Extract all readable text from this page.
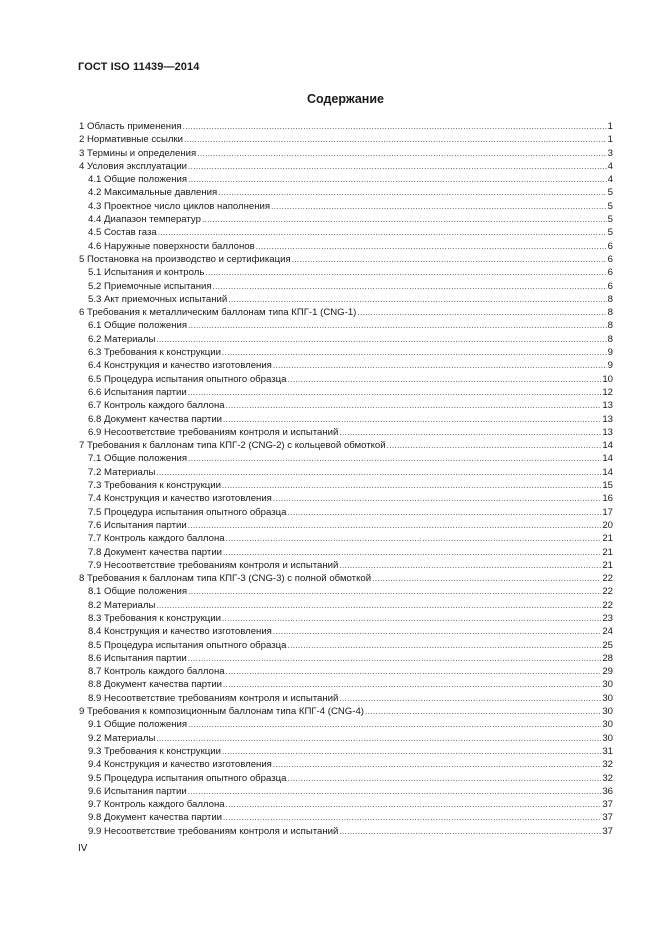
ГОСТ ISO 11439—2014
Содержание
1 Область применения .....	1
2 Нормативные ссылки .....	1
3 Термины и определения .....	3
4 Условия эксплуатации .....	4
4.1 Общие положения .....	4
4.2 Максимальные давления .....	5
4.3 Проектное число циклов наполнения .....	5
4.4 Диапазон температур .....	5
4.5 Состав газа .....	5
4.6 Наружные поверхности баллонов .....	6
5 Постановка на производство и сертификация .....	6
5.1 Испытания и контроль .....	6
5.2 Приемочные испытания .....	6
5.3 Акт приемочных испытаний .....	8
6 Требования к металлическим баллонам типа КПГ-1 (CNG-1) .....	8
6.1 Общие положения .....	8
6.2 Материалы .....	8
6.3 Требования к конструкции .....	9
6.4 Конструкция и качество изготовления .....	9
6.5 Процедура испытания опытного образца .....	10
6.6 Испытания партии .....	12
6.7 Контроль каждого баллона .....	13
6.8 Документ качества партии .....	13
6.9 Несоответствие требованиям контроля и испытаний .....	13
7 Требования к баллонам типа КПГ-2 (CNG-2) с кольцевой обмоткой .....	14
7.1 Общие положения .....	14
7.2 Материалы .....	14
7.3 Требования к конструкции .....	15
7.4 Конструкция и качество изготовления .....	16
7.5 Процедура испытания опытного образца .....	17
7.6 Испытания партии .....	20
7.7 Контроль каждого баллона .....	21
7.8 Документ качества партии .....	21
7.9 Несоответствие требованиям контроля и испытаний .....	21
8 Требования к баллонам типа КПГ-3 (CNG-3) с полной обмоткой .....	22
8.1 Общие положения .....	22
8.2 Материалы .....	22
8.3 Требования к конструкции .....	23
8.4 Конструкция и качество изготовления .....	24
8.5 Процедура испытания опытного образца .....	25
8.6 Испытания партии .....	28
8.7 Контроль каждого баллона .....	29
8.8 Документ качества партии .....	30
8.9 Несоответствие требованиям контроля и испытаний .....	30
9 Требования к композиционным баллонам типа КПГ-4 (CNG-4) .....	30
9.1 Общие положения .....	30
9.2 Материалы .....	30
9.3 Требования к конструкции .....	31
9.4 Конструкция и качество изготовления .....	32
9.5 Процедура испытания опытного образца .....	32
9.6 Испытания партии .....	36
9.7 Контроль каждого баллона .....	37
9.8 Документ качества партии .....	37
9.9 Несоответствие требованиям контроля и испытаний .....	37
IV
